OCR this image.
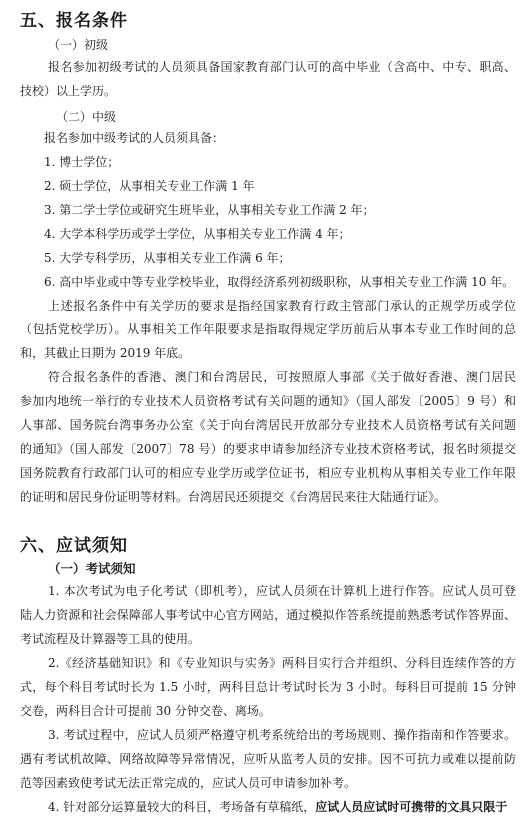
五、报名条件
（一）初级
报名参加初级考试的人员须具备国家教育部门认可的高中毕业（含高中、中专、职高、
技校）以上学历。
（二）中级
报名参加中级考试的人员须具备：
1. 博士学位；
2. 硕士学位，从事相关专业工作满 1 年
3. 第二学士学位或研究生班毕业，从事相关专业工作满 2 年；
4. 大学本科学历或学士学位，从事相关专业工作满 4 年；
5. 大学专科学历，从事相关专业工作满 6 年；
6. 高中毕业或中等专业学校毕业，取得经济系列初级职称，从事相关专业工作满 10 年。
上述报名条件中有关学历的要求是指经国家教育行政主管部门承认的正规学历或学位
（包括党校学历）。从事相关工作年限要求是指取得规定学历前后从事本专业工作时间的总
和，其截止日期为 2019 年底。
符合报名条件的香港、澳门和台湾居民，可按照原人事部《关于做好香港、澳门居民
参加内地统一举行的专业技术人员资格考试有关问题的通知》（国人部发〔2005〕9 号）和
人事部、国务院台湾事务办公室《关于向台湾居民开放部分专业技术人员资格考试有关问题
的通知》（国人部发〔2007〕78 号）的要求申请参加经济专业技术资格考试，报名时须提交
国务院教育行政部门认可的相应专业学历或学位证书，相应专业机构从事相关专业工作年限
的证明和居民身份证明等材料。台湾居民还须提交《台湾居民来往大陆通行证》。
六、应试须知
（一）考试须知
1. 本次考试为电子化考试（即机考），应试人员须在计算机上进行作答。应试人员可登
陆人力资源和社会保障部人事考试中心官方网站，通过模拟作答系统提前熟悉考试作答界面、
考试流程及计算器等工具的使用。
2.《经济基础知识》和《专业知识与实务》两科目实行合并组织、分科目连续作答的方
式，每个科目考试时长为 1.5 小时，两科目总计考试时长为 3 小时。每科目可提前 15 分钟
交卷，两科目合计可提前 30 分钟交卷、离场。
3. 考试过程中，应试人员须严格遵守机考系统给出的考场规则、操作指南和作答要求。
遇有考试机故障、网络故障等异常情况，应听从监考人员的安排。因不可抗力或难以提前防
范等因素致使考试无法正常完成的，应试人员可申请参加补考。
4. 针对部分运算量较大的科目，考场备有草稿纸，应试人员应试时可携带的文具只限于
